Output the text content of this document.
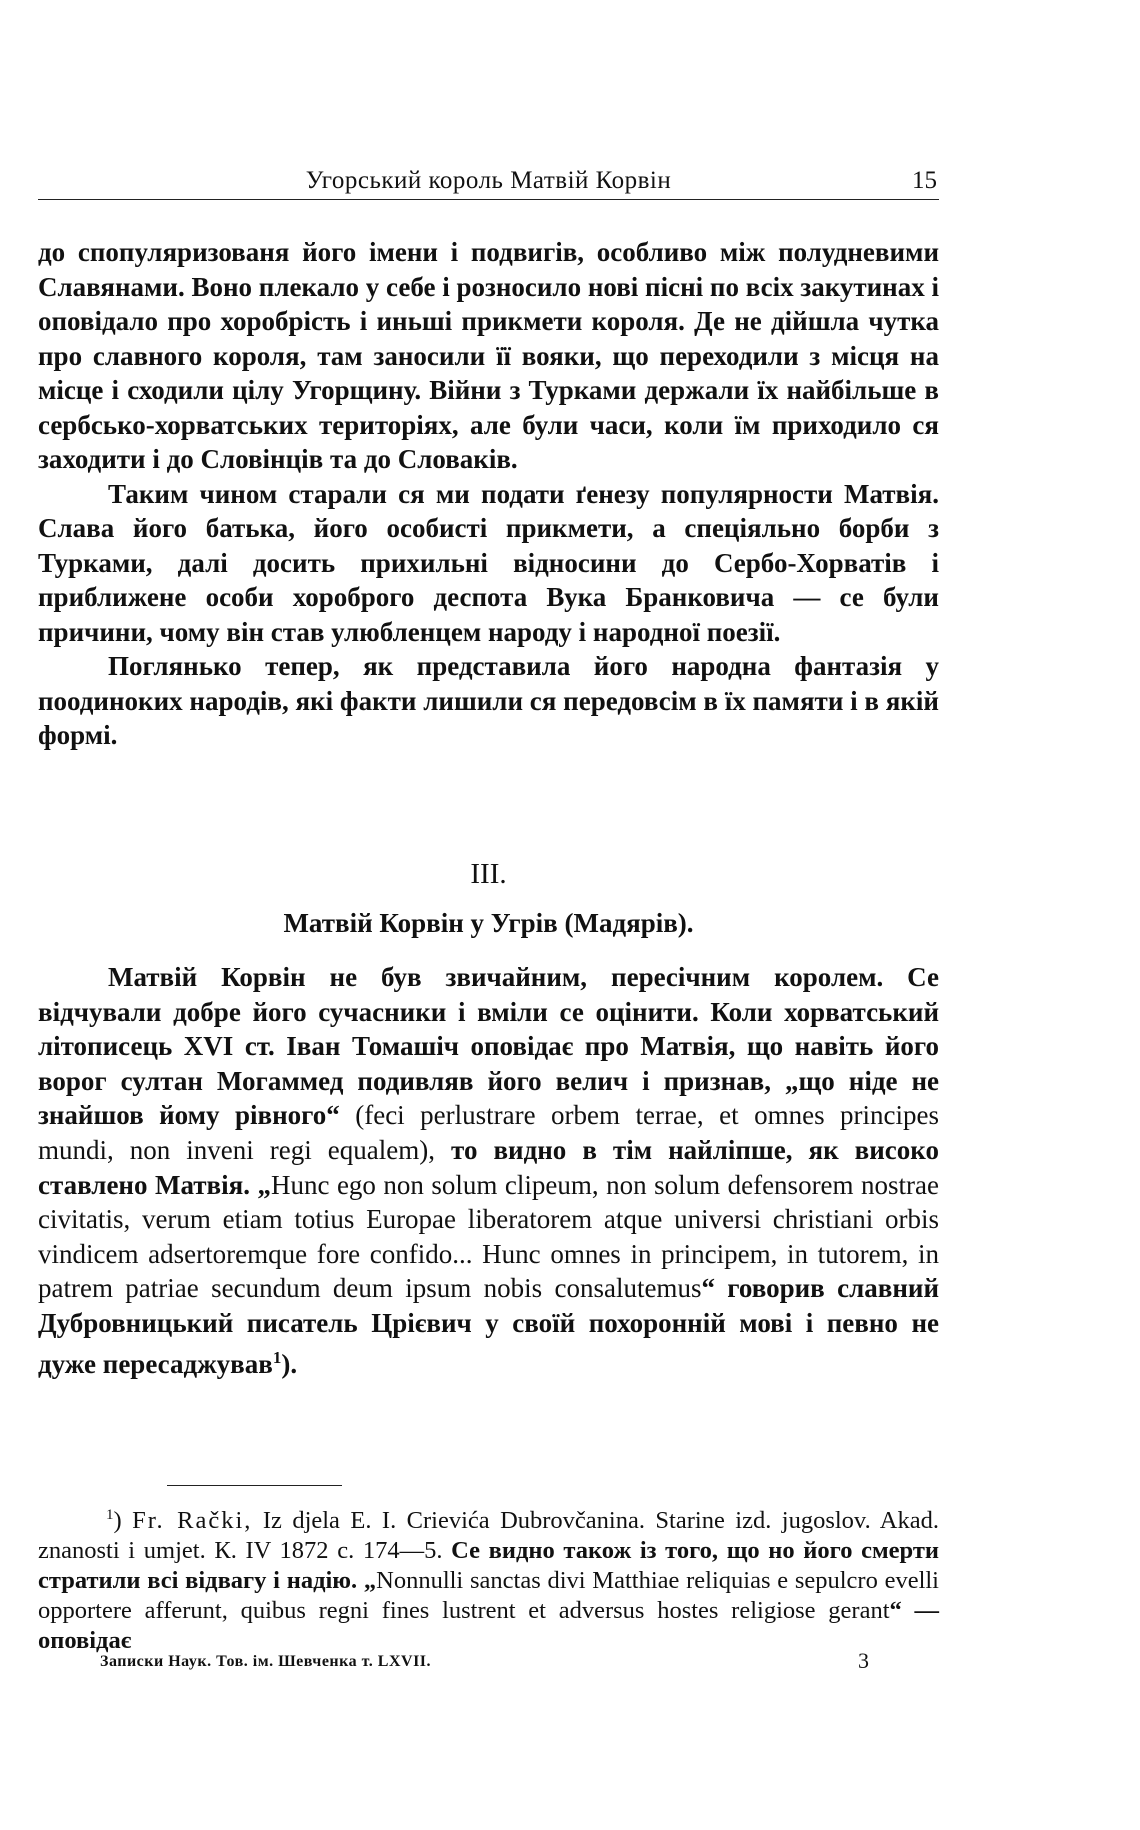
Угорський король Матвій Корвін	15

до спопуляризованя його імени і подвигів, особливо між полудневими Славянами. Воно плекало у себе і розносило нові пісні по всіх закутинах і оповідало про хоробрість і иньші прикмети короля. Де не дійшла чутка про славного короля, там заносили її вояки, що переходили з місця на місце і сходили цілу Угорщину. Війни з Турками держали їх найбільше в сербсько-хорватських територіях, але були часи, коли їм приходило ся заходити і до Словінців та до Словаків.

Таким чином старали ся ми подати ґенезу популярности Матвія. Слава його батька, його особисті прикмети, а спеціяльно борби з Турками, далі досить прихильні відносини до Сербо-Хорватів і приближене особи хороброго деспота Вука Бранковича — се були причини, чому він став улюбленцем народу і народної поезії.

Поглянько тепер, як представила його народна фантазія у поодиноких народів, які факти лишили ся передовсім в їх памяти і в якій формі.

III.
Матвій Корвін у Угрів (Мадярів).

Матвій Корвін не був звичайним, пересічним королем. Се відчували добре його сучасники і вміли се оцінити. Коли хорватський літописець XVI ст. Іван Томашіч оповідає про Матвія, що навіть його ворог султан Могаммед подивляв його велич і признав, „що ніде не знайшов йому рівного“ (feci perlustrare orbem terrae, et omnes principes mundi, non inveni regi equalem), то видно в тім найліпше, як високо ставлено Матвія. „Hunc ego non solum clipeum, non solum defensorem nostrae civitatis, verum etiam totius Europae liberatorem atque universi christiani orbis vindicem adsertoremque fore confido... Hunc omnes in principem, in tutorem, in patrem patriae secundum deum ipsum nobis consalutemus“ говорив славний Дубровницький писатель Црієвич у своїй похоронній мові і певно не дуже пересаджував$^1$).

$^1$) Fr. Rački, Iz djela E. I. Crievića Dubrovčanina. Starine izd. jugoslov. Akad. znanosti i umjet. К. IV 1872 с. 174—5. Се видно також із того, що но його смерти стратили всі відвагу і надію. „Nonnulli sanctas divi Matthiae reliquias e sepulcro evelli opportere afferunt, quibus regni fines lustrent et adversus hostes religiose gerant“ — оповідає

Записки Наук. Тов. ім. Шевченка т. LXVII.	3
